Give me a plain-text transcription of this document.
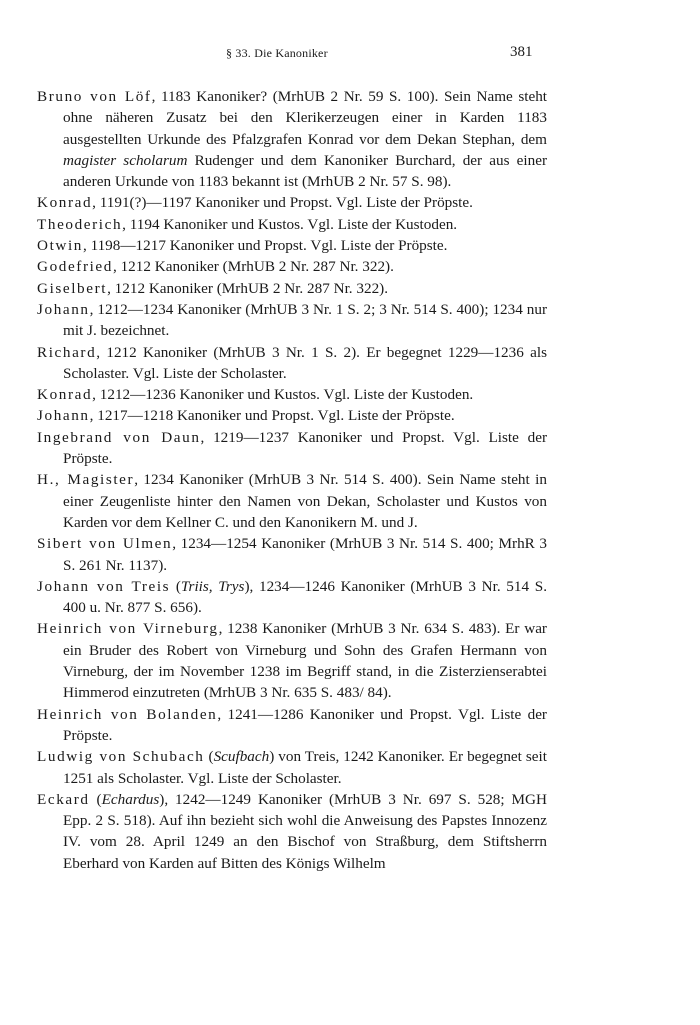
§ 33. Die Kanoniker	381

Bruno von Löf, 1183 Kanoniker? (MrhUB 2 Nr. 59 S. 100). Sein Name steht ohne näheren Zusatz bei den Klerikerzeugen einer in Karden 1183 ausgestellten Urkunde des Pfalzgrafen Konrad vor dem Dekan Stephan, dem magister scholarum Rudenger und dem Kanoniker Burchard, der aus einer anderen Urkunde von 1183 bekannt ist (MrhUB 2 Nr. 57 S. 98).

Konrad, 1191(?)—1197 Kanoniker und Propst. Vgl. Liste der Pröpste.

Theoderich, 1194 Kanoniker und Kustos. Vgl. Liste der Kustoden.

Otwin, 1198—1217 Kanoniker und Propst. Vgl. Liste der Pröpste.

Godefried, 1212 Kanoniker (MrhUB 2 Nr. 287 Nr. 322).

Giselbert, 1212 Kanoniker (MrhUB 2 Nr. 287 Nr. 322).

Johann, 1212—1234 Kanoniker (MrhUB 3 Nr. 1 S. 2; 3 Nr. 514 S. 400); 1234 nur mit J. bezeichnet.

Richard, 1212 Kanoniker (MrhUB 3 Nr. 1 S. 2). Er begegnet 1229—1236 als Scholaster. Vgl. Liste der Scholaster.

Konrad, 1212—1236 Kanoniker und Kustos. Vgl. Liste der Kustoden.

Johann, 1217—1218 Kanoniker und Propst. Vgl. Liste der Pröpste.

Ingebrand von Daun, 1219—1237 Kanoniker und Propst. Vgl. Liste der Pröpste.

H., Magister, 1234 Kanoniker (MrhUB 3 Nr. 514 S. 400). Sein Name steht in einer Zeugenliste hinter den Namen von Dekan, Scholaster und Kustos von Karden vor dem Kellner C. und den Kanonikern M. und J.

Sibert von Ulmen, 1234—1254 Kanoniker (MrhUB 3 Nr. 514 S. 400; MrhR 3 S. 261 Nr. 1137).

Johann von Treis (Triis, Trys), 1234—1246 Kanoniker (MrhUB 3 Nr. 514 S. 400 u. Nr. 877 S. 656).

Heinrich von Virneburg, 1238 Kanoniker (MrhUB 3 Nr. 634 S. 483). Er war ein Bruder des Robert von Virneburg und Sohn des Grafen Hermann von Virneburg, der im November 1238 im Begriff stand, in die Zisterzienserabtei Himmerod einzutreten (MrhUB 3 Nr. 635 S. 483/ 84).

Heinrich von Bolanden, 1241—1286 Kanoniker und Propst. Vgl. Liste der Pröpste.

Ludwig von Schubach (Scufbach) von Treis, 1242 Kanoniker. Er begegnet seit 1251 als Scholaster. Vgl. Liste der Scholaster.

Eckard (Echardus), 1242—1249 Kanoniker (MrhUB 3 Nr. 697 S. 528; MGH Epp. 2 S. 518). Auf ihn bezieht sich wohl die Anweisung des Papstes Innozenz IV. vom 28. April 1249 an den Bischof von Straßburg, dem Stiftsherrn Eberhard von Karden auf Bitten des Königs Wilhelm
